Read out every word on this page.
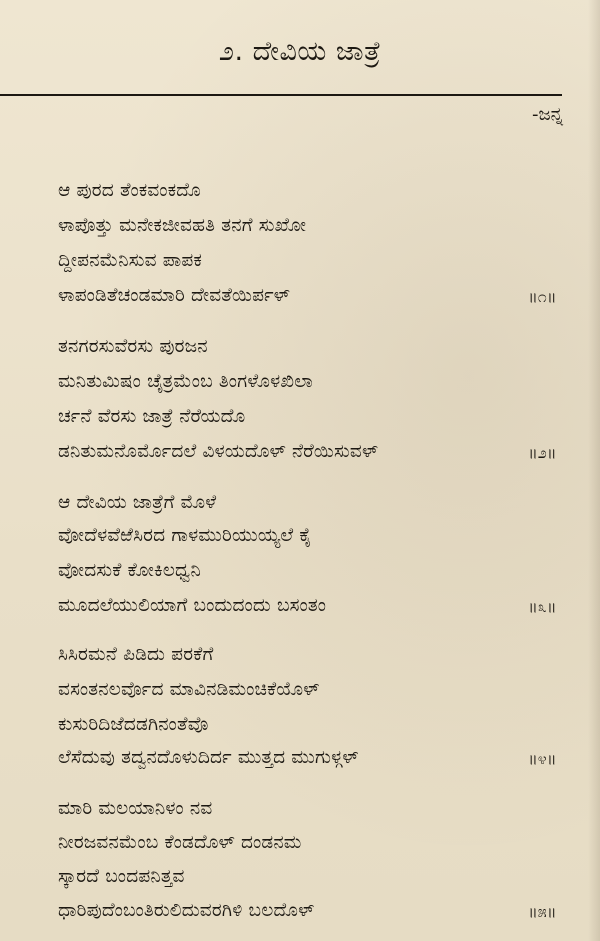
೨. ದೇವಿಯ ಜಾತ್ರೆ
-ಜನ್ನ
ಆ ಪುರದ ತೆಂಕವಂಕದೊ
ಳಾಪೊತ್ತು ಮನೇಕಜೀವಹತಿ ತನಗೆ ಸುಖೋ
ದ್ದೀಪನಮೆನಿಸುವ ಪಾಪಕ
ಳಾಪಂಡಿತೆಚಂಡಮಾರಿ ದೇವತೆಯಿರ್ಪಳ್	॥೧॥
ತನಗರಸುವೆರಸು ಪುರಜನ
ಮನಿತುಮಿಷಂ ಚೈತ್ರಮೆಂಬ ತಿಂಗಳೊಳಖಿಲಾ
ರ್ಚನೆ ವೆರಸು ಜಾತ್ರೆ ನೆರೆಯದೊ
ಡನಿತುಮನೊರ್ಮೊದಲೆ ವಿಳಯದೊಳ್ ನೆರೆಯಿಸುವಳ್	॥೨॥
ಆ ದೇವಿಯ ಜಾತ್ರೆಗೆ ಮೊಳೆ
ವೋದೆಳವೆಱೆಸಿರದ ಗಾಳಮುರಿಯುಯ್ಯಲೆ ಕೈ
ವೋದಸುಕೆ ಕೋಕಿಲಧ್ವನಿ
ಮೂದಲೆಯುಲಿಯಾಗೆ ಬಂದುದಂದು ಬಸಂತಂ	॥೩॥
ಸಿಸಿರಮನೆ ಪಿಡಿದು ಪರಕೆಗೆ
ವಸಂತನಲರ್ವೊದ ಮಾವಿನಡಿಮಂಚಿಕೆಯೊಳ್
ಕುಸುರಿದಿಜೆದಡಗಿನಂತೆವೊ
ಲೆಸೆದುವು ತದ್ವನದೊಳುದಿರ್ದ ಮುತ್ತದ ಮುಗುಳ್ಗಳ್	॥೪॥
ಮಾರಿ ಮಲಯಾನಿಳಂ ನವ
ನೀರಜವನಮೆಂಬ ಕೆಂಡದೊಳ್ ದಂಡನಮ
ಸ್ಕಾರದೆ ಬಂದಪನಿತ್ತವ
ಧಾರಿಪುದೆಂಬಂತಿರುಲಿದುವರಗಿಳಿ ಬಲದೊಳ್	॥೫॥
